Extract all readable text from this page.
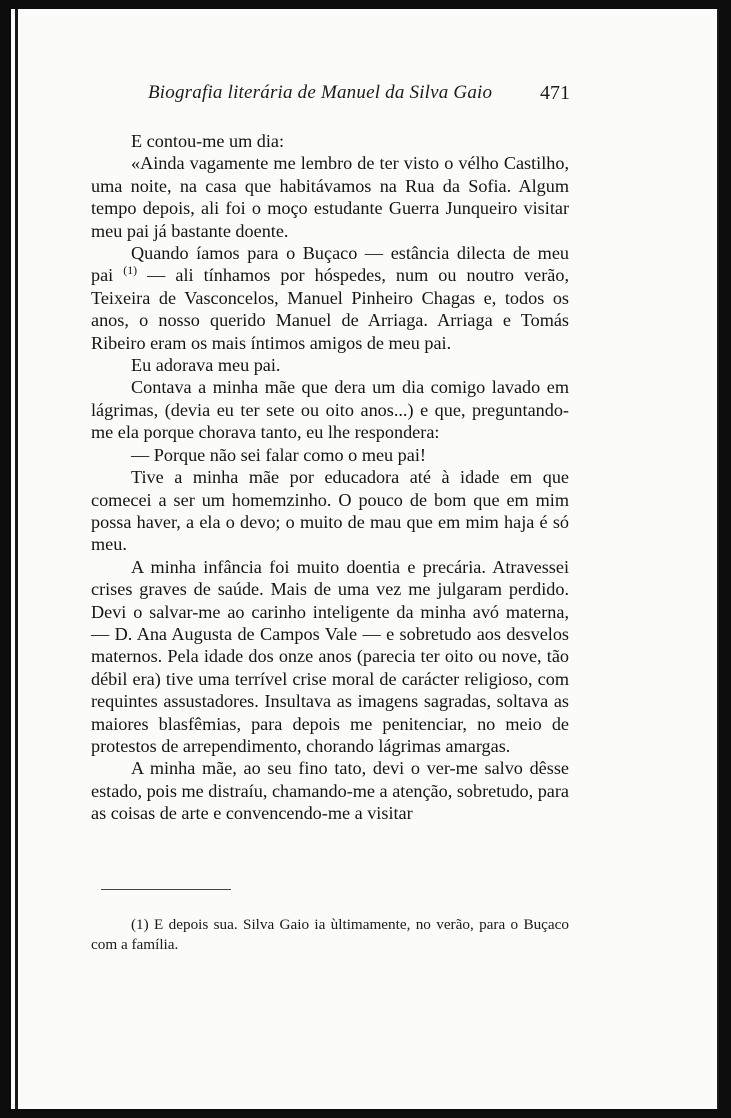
Biografia literária de Manuel da Silva Gaio 471

E contou-me um dia:

«Ainda vagamente me lembro de ter visto o vélho Castilho, uma noite, na casa que habitávamos na Rua da Sofia. Algum tempo depois, ali foi o moço estudante Guerra Junqueiro visitar meu pai já bastante doente.

Quando íamos para o Buçaco — estância dilecta de meu pai $^{(1)}$ — ali tínhamos por hóspedes, num ou noutro verão, Teixeira de Vasconcelos, Manuel Pinheiro Chagas e, todos os anos, o nosso querido Manuel de Arriaga. Arriaga e Tomás Ribeiro eram os mais íntimos amigos de meu pai.

Eu adorava meu pai.

Contava a minha mãe que dera um dia comigo lavado em lágrimas, (devia eu ter sete ou oito anos...) e que, preguntando-me ela porque chorava tanto, eu lhe respondera:

— Porque não sei falar como o meu pai!

Tive a minha mãe por educadora até à idade em que comecei a ser um homemzinho. O pouco de bom que em mim possa haver, a ela o devo; o muito de mau que em mim haja é só meu.

A minha infância foi muito doentia e precária. Atravessei crises graves de saúde. Mais de uma vez me julgaram perdido. Devi o salvar-me ao carinho inteligente da minha avó materna, — D. Ana Augusta de Campos Vale — e sobretudo aos desvelos maternos. Pela idade dos onze anos (parecia ter oito ou nove, tão débil era) tive uma terrível crise moral de carácter religioso, com requintes assustadores. Insultava as imagens sagradas, soltava as maiores blasfêmias, para depois me penitenciar, no meio de protestos de arrependimento, chorando lágrimas amargas.

A minha mãe, ao seu fino tato, devi o ver-me salvo dêsse estado, pois me distraíu, chamando-me a atenção, sobretudo, para as coisas de arte e convencendo-me a visitar

(1) E depois sua. Silva Gaio ia ùltimamente, no verão, para o Buçaco com a família.
